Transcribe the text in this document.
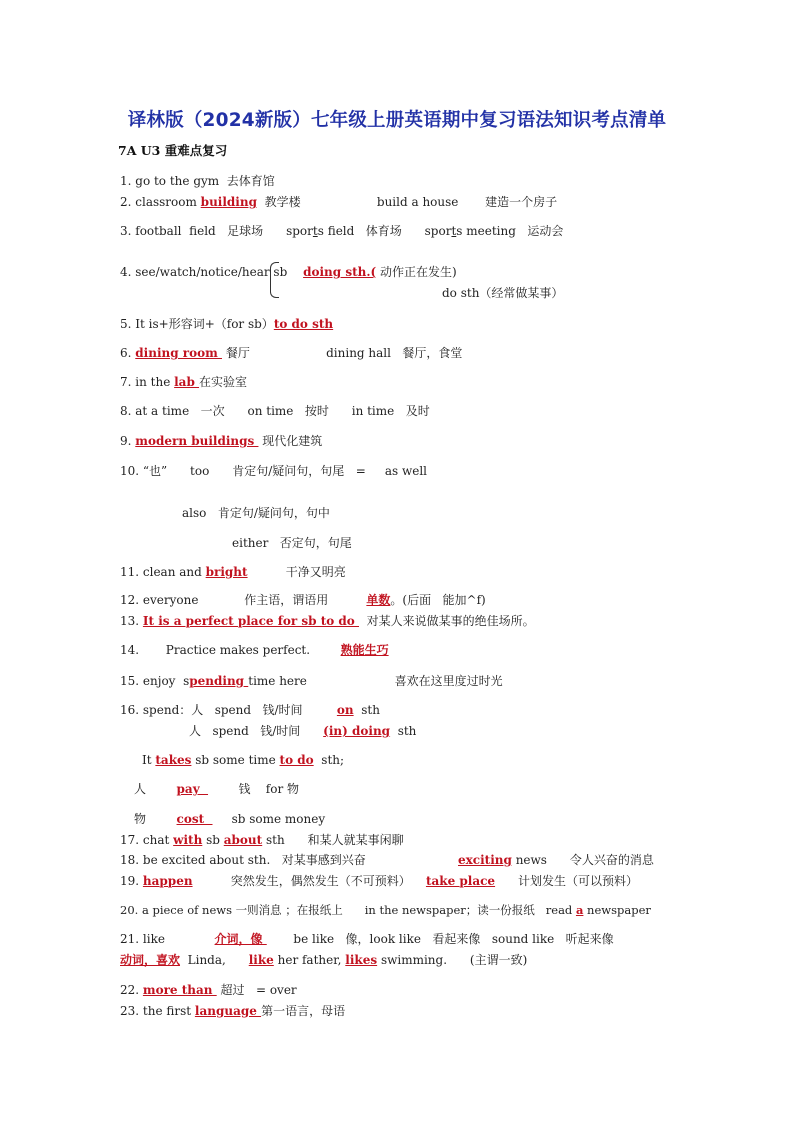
译林版（2024新版）七年级上册英语期中复习语法知识考点清单
7A U3 重难点复习
1. go to the gym  去体育馆
2. classroom building  教学楼                    build a house       建造一个房子
3. football  field   足球场      sports field   体育场      sports meeting   运动会
4. see/watch/notice/hear sb doing sth.( 动作正在发生)
do sth（经常做某事）
5. It is+形容词+（for sb）to do sth
6. dining room  餐厅                    dining hall   餐厅，食堂
7. in the lab 在实验室
8. at a time   一次      on time   按时      in time   及时
9. modern buildings  现代化建筑
10. “也”      too      肯定句/疑问句，句尾   =     as well
also   肯定句/疑问句，句中
either   否定句，句尾
11. clean and bright          干净又明亮
12. everyone            作主语，谓语用          单数。(后面   能加^f)
13. It is a perfect place for sb to do   对某人来说做某事的绝佳场所。
14.       Practice makes perfect.        熟能生巧
15. enjoy  spending time here                       喜欢在这里度过时光
16. spend：人   spend   钱/时间         on  sth
人   spend   钱/时间      (in) doing  sth
It takes sb some time to do  sth;
人        pay          钱    for 物
物        cost       sb some money
17. chat with sb about sth      和某人就某事闲聊
18. be excited about sth.   对某事感到兴奋	exciting news      令人兴奋的消息
19. happen          突然发生，偶然发生（不可预料）    take place      计划发生（可以预料）
20. a piece of news 一则消息 ；在报纸上      in the newspaper；读一份报纸   read a newspaper
21. like             介词，像        be like   像，look like   看起来像   sound like   听起来像
动词，喜欢  Linda,      like her father, likes swimming.      (主谓一致)
22. more than  超过   = over
23. the first language 第一语言，母语
